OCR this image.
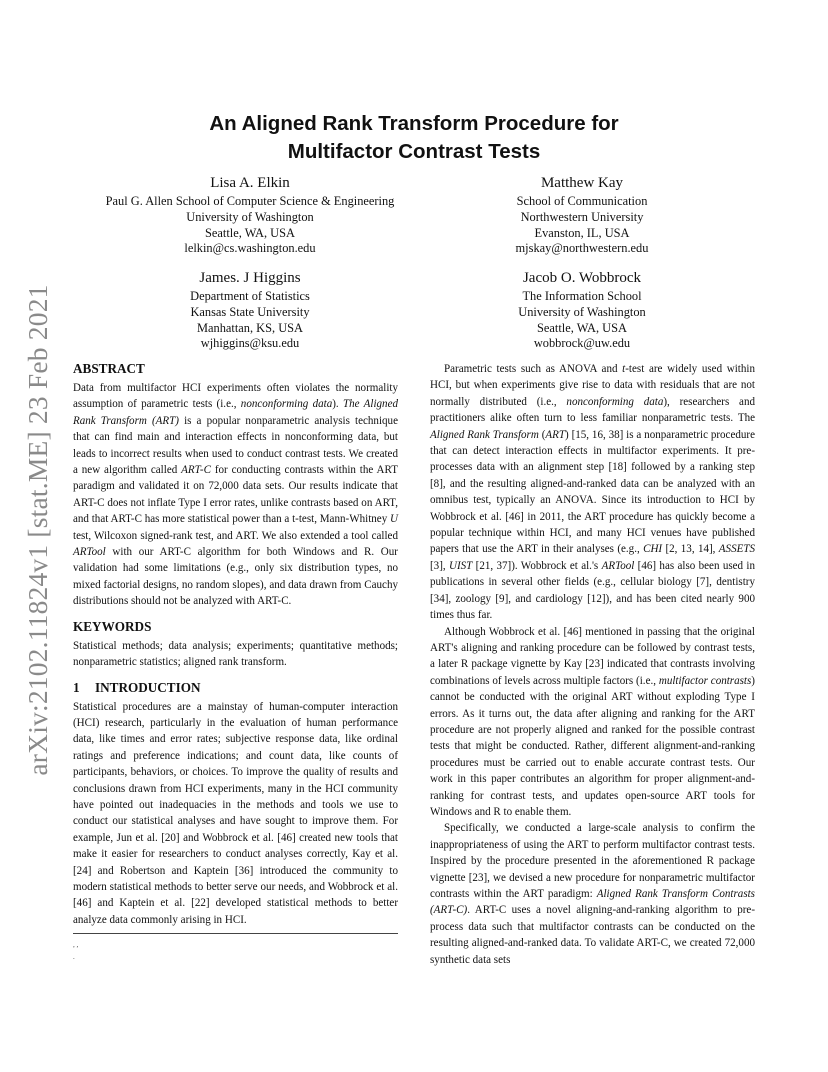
arXiv:2102.11824v1 [stat.ME] 23 Feb 2021
An Aligned Rank Transform Procedure for
Multifactor Contrast Tests
Lisa A. Elkin
Paul G. Allen School of Computer Science & Engineering
University of Washington
Seattle, WA, USA
lelkin@cs.washington.edu
Matthew Kay
School of Communication
Northwestern University
Evanston, IL, USA
mjskay@northwestern.edu
James. J Higgins
Department of Statistics
Kansas State University
Manhattan, KS, USA
wjhiggins@ksu.edu
Jacob O. Wobbrock
The Information School
University of Washington
Seattle, WA, USA
wobbrock@uw.edu
ABSTRACT

Data from multifactor HCI experiments often violates the normality assumption of parametric tests (i.e., nonconforming data). The Aligned Rank Transform (ART) is a popular nonparametric analysis technique that can find main and interaction effects in nonconforming data, but leads to incorrect results when used to conduct contrast tests. We created a new algorithm called ART-C for conducting contrasts within the ART paradigm and validated it on 72,000 data sets. Our results indicate that ART-C does not inflate Type I error rates, unlike contrasts based on ART, and that ART-C has more statistical power than a t-test, Mann-Whitney U test, Wilcoxon signed-rank test, and ART. We also extended a tool called ARTool with our ART-C algorithm for both Windows and R. Our validation had some limitations (e.g., only six distribution types, no mixed factorial designs, no random slopes), and data drawn from Cauchy distributions should not be analyzed with ART-C.

KEYWORDS

Statistical methods; data analysis; experiments; quantitative methods; nonparametric statistics; aligned rank transform.

1 INTRODUCTION

Statistical procedures are a mainstay of human-computer interaction (HCI) research, particularly in the evaluation of human performance data, like times and error rates; subjective response data, like ordinal ratings and preference indications; and count data, like counts of participants, behaviors, or choices. To improve the quality of results and conclusions drawn from HCI experiments, many in the HCI community have pointed out inadequacies in the methods and tools we use to conduct our statistical analyses and have sought to improve them. For example, Jun et al. [20] and Wobbrock et al. [46] created new tools that make it easier for researchers to conduct analyses correctly, Kay et al. [24] and Robertson and Kaptein [36] introduced the community to modern statistical methods to better serve our needs, and Wobbrock et al. [46] and Kaptein et al. [22] developed statistical methods to better analyze data commonly arising in HCI.

Parametric tests such as ANOVA and t-test are widely used within HCI, but when experiments give rise to data with residuals that are not normally distributed (i.e., nonconforming data), researchers and practitioners alike often turn to less familiar nonparametric tests. The Aligned Rank Transform (ART) [15, 16, 38] is a nonparametric procedure that can detect interaction effects in multifactor experiments. It pre-processes data with an alignment step [18] followed by a ranking step [8], and the resulting aligned-and-ranked data can be analyzed with an omnibus test, typically an ANOVA. Since its introduction to HCI by Wobbrock et al. [46] in 2011, the ART procedure has quickly become a popular technique within HCI, and many HCI venues have published papers that use the ART in their analyses (e.g., CHI [2, 13, 14], ASSETS [3], UIST [21, 37]). Wobbrock et al.'s ARTool [46] has also been used in publications in several other fields (e.g., cellular biology [7], dentistry [34], zoology [9], and cardiology [12]), and has been cited nearly 900 times thus far.

Although Wobbrock et al. [46] mentioned in passing that the original ART's aligning and ranking procedure can be followed by contrast tests, a later R package vignette by Kay [23] indicated that contrasts involving combinations of levels across multiple factors (i.e., multifactor contrasts) cannot be conducted with the original ART without exploding Type I errors. As it turns out, the data after aligning and ranking for the ART procedure are not properly aligned and ranked for the possible contrast tests that might be conducted. Rather, different alignment-and-ranking procedures must be carried out to enable accurate contrast tests. Our work in this paper contributes an algorithm for proper alignment-and-ranking for contrast tests, and updates open-source ART tools for Windows and R to enable them.

Specifically, we conducted a large-scale analysis to confirm the inappropriateness of using the ART to perform multifactor contrast tests. Inspired by the procedure presented in the aforementioned R package vignette [23], we devised a new procedure for nonparametric multifactor contrasts within the ART paradigm: Aligned Rank Transform Contrasts (ART-C). ART-C uses a novel aligning-and-ranking algorithm to pre-process data such that multifactor contrasts can be conducted on the resulting aligned-and-ranked data. To validate ART-C, we created 72,000 synthetic data sets

, ,
.
